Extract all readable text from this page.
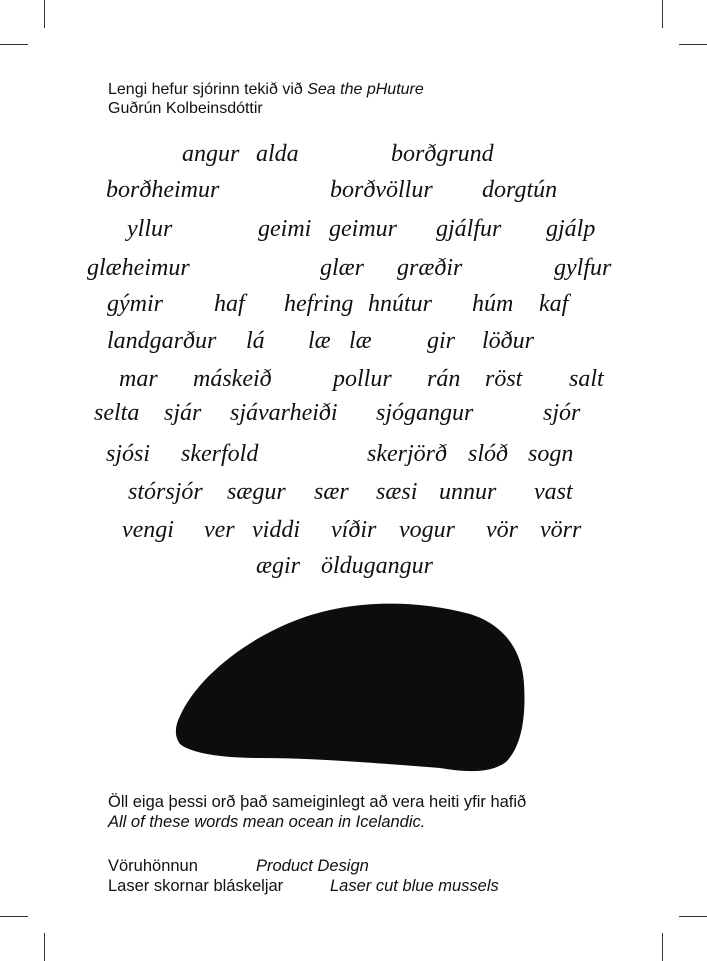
Lengi hefur sjórinn tekið við Sea the pHuture
Guðrún Kolbeinsdóttir
angur alda	borðgrund
borðheimur	borðvöllur dorgtún
yllur	geimi geimur gjálfur gjálp
glæheimur	glær græðir	gylfur
gýmir haf hefring hnútur húm kaf
landgarður lá læ læ gir löður
mar máskeið	pollur rán röst salt
selta sjár sjávarheiði sjógangur	sjór
sjósi skerfold	skerjörð slóð sogn
stórsjór sægur sær sæsi unnur vast
vengi ver viddi víðir vogur vör vörr
ægir öldugangur
Öll eiga þessi orð það sameiginlegt að vera heiti yfir hafið
All of these words mean ocean in Icelandic.
Vöruhönnun	Product Design
Laser skornar bláskeljar	Laser cut blue mussels
